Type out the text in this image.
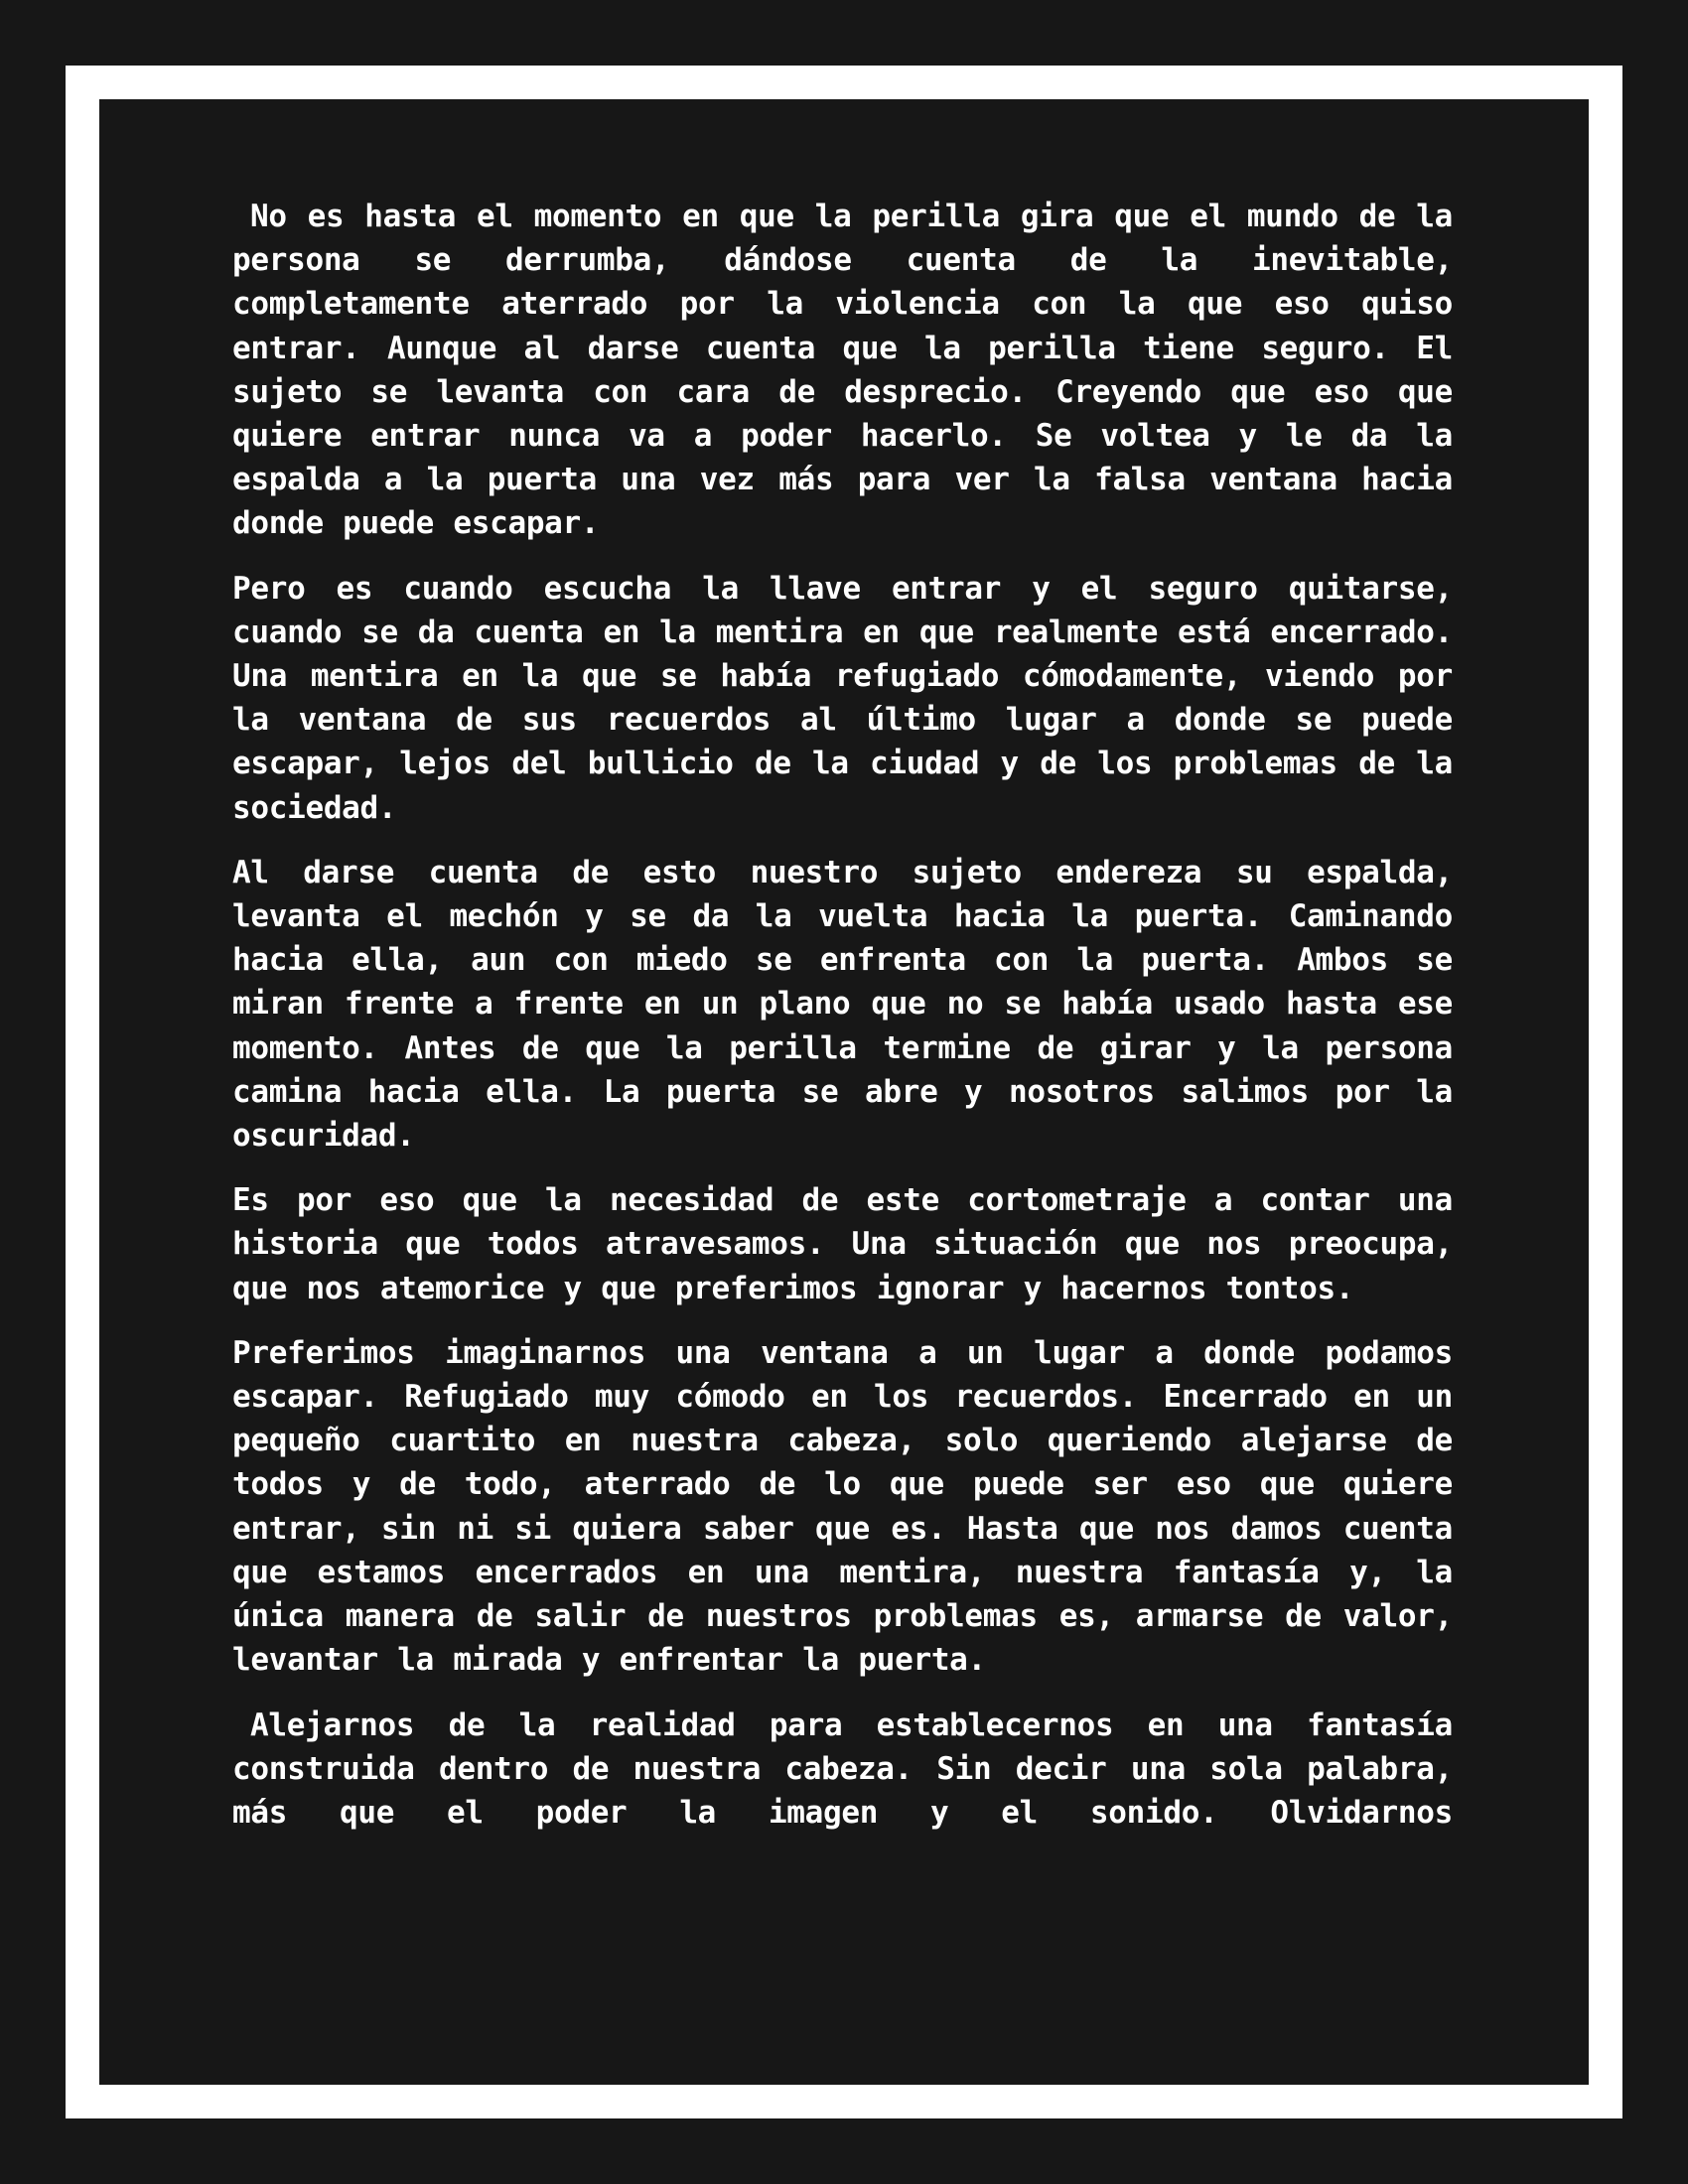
No es hasta el momento en que la perilla gira que el mundo de la persona se derrumba, dándose cuenta de la inevitable, completamente aterrado por la violencia con la que eso quiso entrar. Aunque al darse cuenta que la perilla tiene seguro. El sujeto se levanta con cara de desprecio. Creyendo que eso que quiere entrar nunca va a poder hacerlo. Se voltea y le da la espalda a la puerta una vez más para ver la falsa ventana hacia donde puede escapar.

Pero es cuando escucha la llave entrar y el seguro quitarse, cuando se da cuenta en la mentira en que realmente está encerrado. Una mentira en la que se había refugiado cómodamente, viendo por la ventana de sus recuerdos al último lugar a donde se puede escapar, lejos del bullicio de la ciudad y de los problemas de la sociedad.

Al darse cuenta de esto nuestro sujeto endereza su espalda, levanta el mechón y se da la vuelta hacia la puerta. Caminando hacia ella, aun con miedo se enfrenta con la puerta. Ambos se miran frente a frente en un plano que no se había usado hasta ese momento. Antes de que la perilla termine de girar y la persona camina hacia ella. La puerta se abre y nosotros salimos por la oscuridad.

Es por eso que la necesidad de este cortometraje a contar una historia que todos atravesamos. Una situación que nos preocupa, que nos atemorice y que preferimos ignorar y hacernos tontos.

Preferimos imaginarnos una ventana a un lugar a donde podamos escapar. Refugiado muy cómodo en los recuerdos. Encerrado en un pequeño cuartito en nuestra cabeza, solo queriendo alejarse de todos y de todo, aterrado de lo que puede ser eso que quiere entrar, sin ni si quiera saber que es. Hasta que nos damos cuenta que estamos encerrados en una mentira, nuestra fantasía y, la única manera de salir de nuestros problemas es, armarse de valor, levantar la mirada y enfrentar la puerta.

Alejarnos de la realidad para establecernos en una fantasía construida dentro de nuestra cabeza. Sin decir una sola palabra, más que el poder la imagen y el sonido. Olvidarnos
